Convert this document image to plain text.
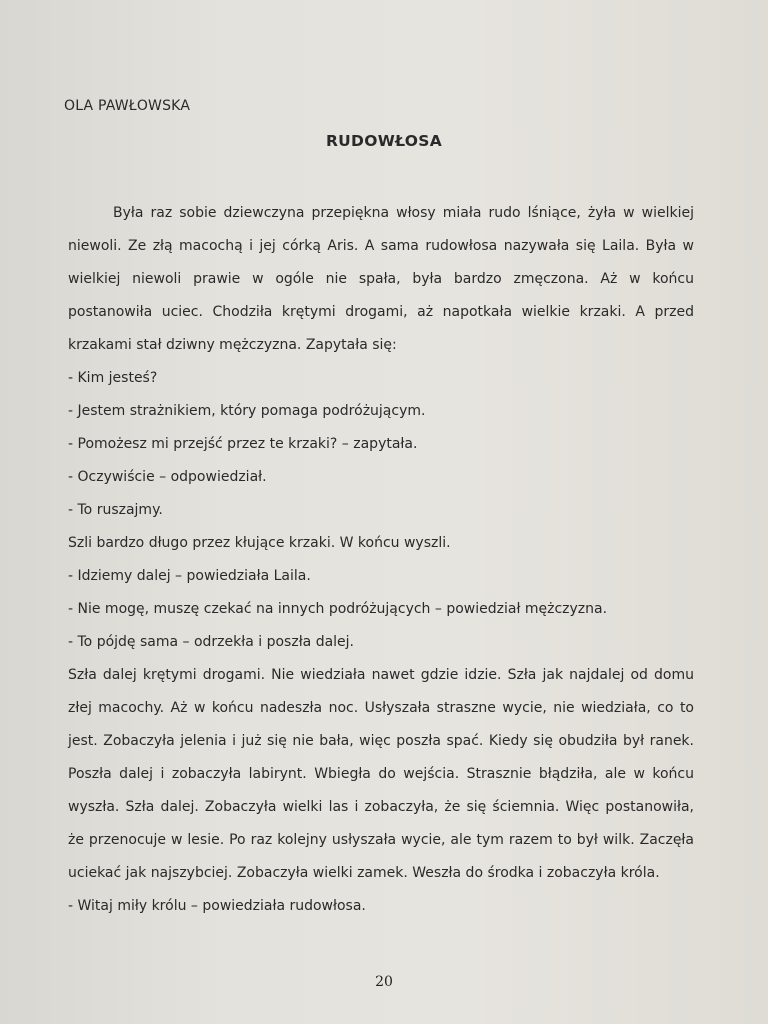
OLA PAWŁOWSKA
RUDOWŁOSA

Była raz sobie dziewczyna przepiękna włosy miała rudo lśniące, żyła w wielkiej niewoli. Ze złą macochą i jej córką Aris. A sama rudowłosa nazywała się Laila. Była w wielkiej niewoli prawie w ogóle nie spała, była bardzo zmęczona. Aż w końcu postanowiła uciec. Chodziła krętymi drogami, aż napotkała wielkie krzaki. A przed krzakami stał dziwny mężczyzna. Zapytała się:

- Kim jesteś?

- Jestem strażnikiem, który pomaga podróżującym.

- Pomożesz mi przejść przez te krzaki? – zapytała.

- Oczywiście – odpowiedział.

- To ruszajmy.

Szli bardzo długo przez kłujące krzaki. W końcu wyszli.

- Idziemy dalej – powiedziała Laila.

- Nie mogę, muszę czekać na innych podróżujących – powiedział mężczyzna.

- To pójdę sama – odrzekła i poszła dalej.

Szła dalej krętymi drogami. Nie wiedziała nawet gdzie idzie. Szła jak najdalej od domu złej macochy. Aż w końcu nadeszła noc. Usłyszała straszne wycie, nie wiedziała, co to jest. Zobaczyła jelenia i już się nie bała, więc poszła spać. Kiedy się obudziła był ranek. Poszła dalej i zobaczyła labirynt. Wbiegła do wejścia. Strasznie błądziła, ale w końcu wyszła. Szła dalej. Zobaczyła wielki las i zobaczyła, że się ściemnia. Więc postanowiła, że przenocuje w lesie. Po raz kolejny usłyszała wycie, ale tym razem to był wilk. Zaczęła uciekać jak najszybciej. Zobaczyła wielki zamek. Weszła do środka i zobaczyła króla.

- Witaj miły królu – powiedziała rudowłosa.

20
